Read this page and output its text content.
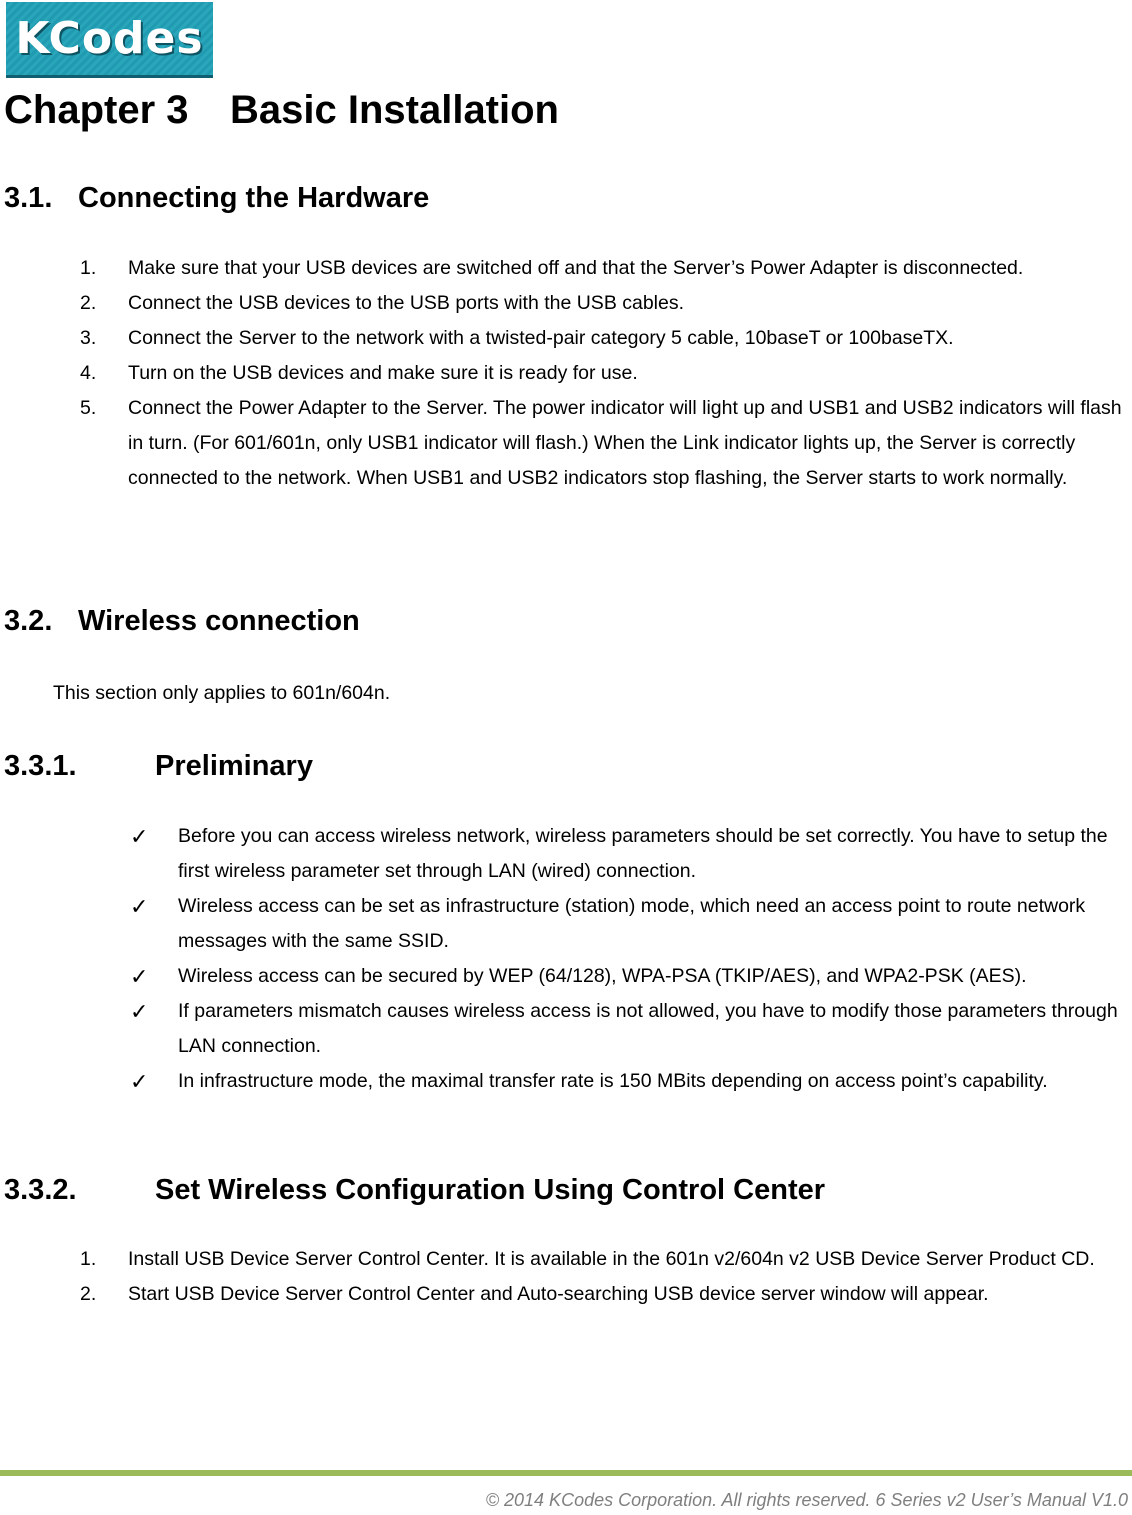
KCodes
Chapter 3 Basic Installation
3.1. Connecting the Hardware
1. Make sure that your USB devices are switched off and that the Server’s Power Adapter is disconnected.
2. Connect the USB devices to the USB ports with the USB cables.
3. Connect the Server to the network with a twisted-pair category 5 cable, 10baseT or 100baseTX.
4. Turn on the USB devices and make sure it is ready for use.
5. Connect the Power Adapter to the Server. The power indicator will light up and USB1 and USB2 indicators will flash in turn. (For 601/601n, only USB1 indicator will flash.) When the Link indicator lights up, the Server is correctly connected to the network. When USB1 and USB2 indicators stop flashing, the Server starts to work normally.
3.2. Wireless connection

This section only applies to 601n/604n.

3.3.1.	Preliminary
✓ Before you can access wireless network, wireless parameters should be set correctly. You have to setup the first wireless parameter set through LAN (wired) connection.
✓ Wireless access can be set as infrastructure (station) mode, which need an access point to route network messages with the same SSID.
✓ Wireless access can be secured by WEP (64/128), WPA-PSA (TKIP/AES), and WPA2-PSK (AES).
✓ If parameters mismatch causes wireless access is not allowed, you have to modify those parameters through LAN connection.
✓ In infrastructure mode, the maximal transfer rate is 150 MBits depending on access point’s capability.
3.3.2.	Set Wireless Configuration Using Control Center
1. Install USB Device Server Control Center. It is available in the 601n v2/604n v2 USB Device Server Product CD.
2. Start USB Device Server Control Center and Auto-searching USB device server window will appear.

© 2014 KCodes Corporation. All rights reserved. 6 Series v2 User’s Manual V1.0
